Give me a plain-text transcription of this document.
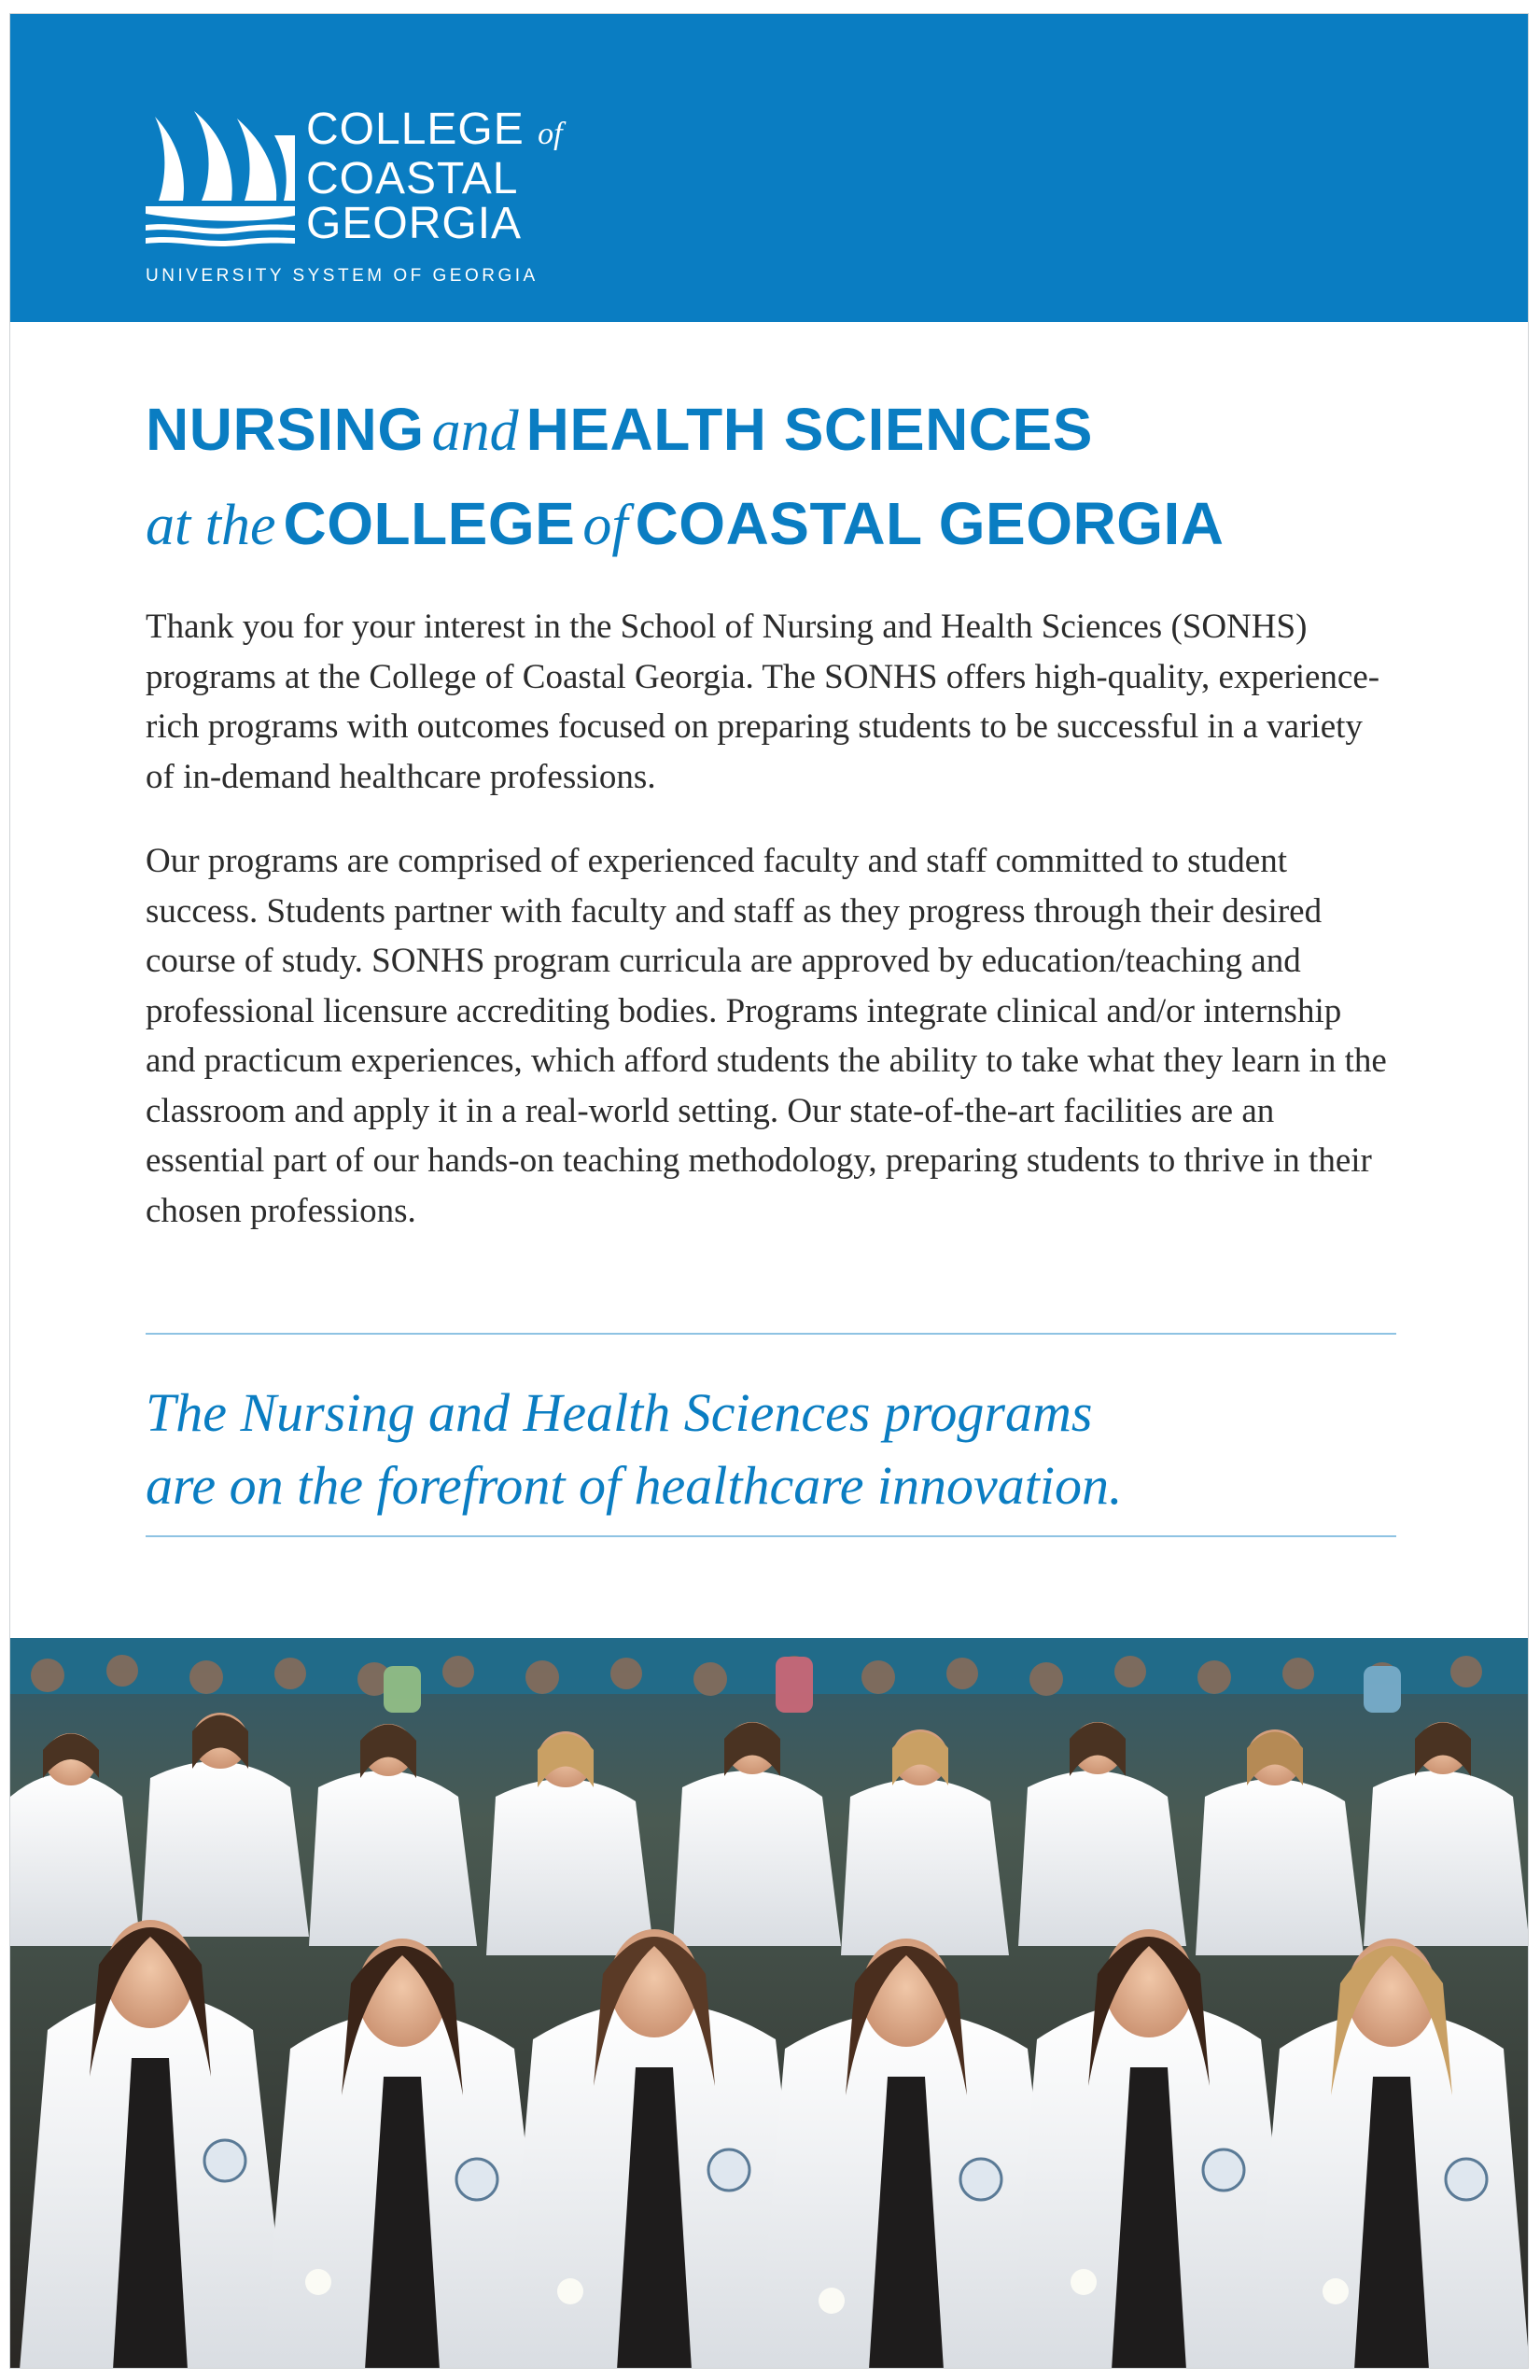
COLLEGE of
COASTAL
GEORGIA
UNIVERSITY SYSTEM OF GEORGIA
NURSING and HEALTH SCIENCES
at the COLLEGE of COASTAL GEORGIA

Thank you for your interest in the School of Nursing and Health Sciences (SONHS) programs at the College of Coastal Georgia. The SONHS offers high-quality, experience-rich programs with outcomes focused on preparing students to be successful in a variety of in-demand healthcare professions.

Our programs are comprised of experienced faculty and staff committed to student success. Students partner with faculty and staff as they progress through their desired course of study. SONHS program curricula are approved by education/teaching and professional licensure accrediting bodies. Programs integrate clinical and/or internship and practicum experiences, which afford students the ability to take what they learn in the classroom and apply it in a real-world setting. Our state-of-the-art facilities are an essential part of our hands-on teaching methodology, preparing students to thrive in their chosen professions.

The Nursing and Health Sciences programs
are on the forefront of healthcare innovation.
